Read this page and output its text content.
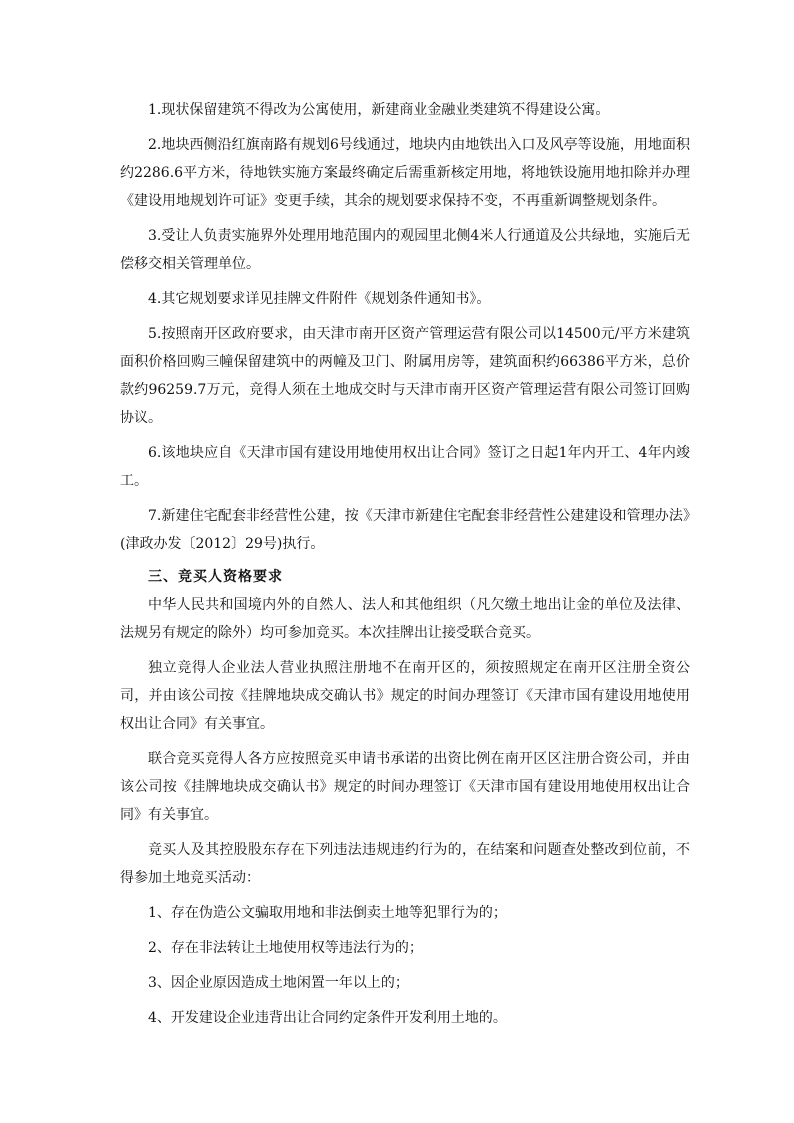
1.现状保留建筑不得改为公寓使用，新建商业金融业类建筑不得建设公寓。

2.地块西侧沿红旗南路有规划6号线通过，地块内由地铁出入口及风亭等设施，用地面积约2286.6平方米，待地铁实施方案最终确定后需重新核定用地，将地铁设施用地扣除并办理《建设用地规划许可证》变更手续，其余的规划要求保持不变，不再重新调整规划条件。

3.受让人负责实施界外处理用地范围内的观园里北侧4米人行通道及公共绿地，实施后无偿移交相关管理单位。

4.其它规划要求详见挂牌文件附件《规划条件通知书》。

5.按照南开区政府要求，由天津市南开区资产管理运营有限公司以14500元/平方米建筑面积价格回购三幢保留建筑中的两幢及卫门、附属用房等，建筑面积约66386平方米，总价款约96259.7万元，竞得人须在土地成交时与天津市南开区资产管理运营有限公司签订回购协议。

6.该地块应自《天津市国有建设用地使用权出让合同》签订之日起1年内开工、4年内竣工。

7.新建住宅配套非经营性公建，按《天津市新建住宅配套非经营性公建建设和管理办法》(津政办发〔2012〕29号)执行。

三、竞买人资格要求

中华人民共和国境内外的自然人、法人和其他组织（凡欠缴土地出让金的单位及法律、法规另有规定的除外）均可参加竞买。本次挂牌出让接受联合竞买。

独立竞得人企业法人营业执照注册地不在南开区的，须按照规定在南开区注册全资公司，并由该公司按《挂牌地块成交确认书》规定的时间办理签订《天津市国有建设用地使用权出让合同》有关事宜。

联合竞买竞得人各方应按照竞买申请书承诺的出资比例在南开区区注册合资公司，并由该公司按《挂牌地块成交确认书》规定的时间办理签订《天津市国有建设用地使用权出让合同》有关事宜。

竞买人及其控股股东存在下列违法违规违约行为的，在结案和问题查处整改到位前，不得参加土地竞买活动：

1、存在伪造公文骗取用地和非法倒卖土地等犯罪行为的；

2、存在非法转让土地使用权等违法行为的；

3、因企业原因造成土地闲置一年以上的；

4、开发建设企业违背出让合同约定条件开发利用土地的。
